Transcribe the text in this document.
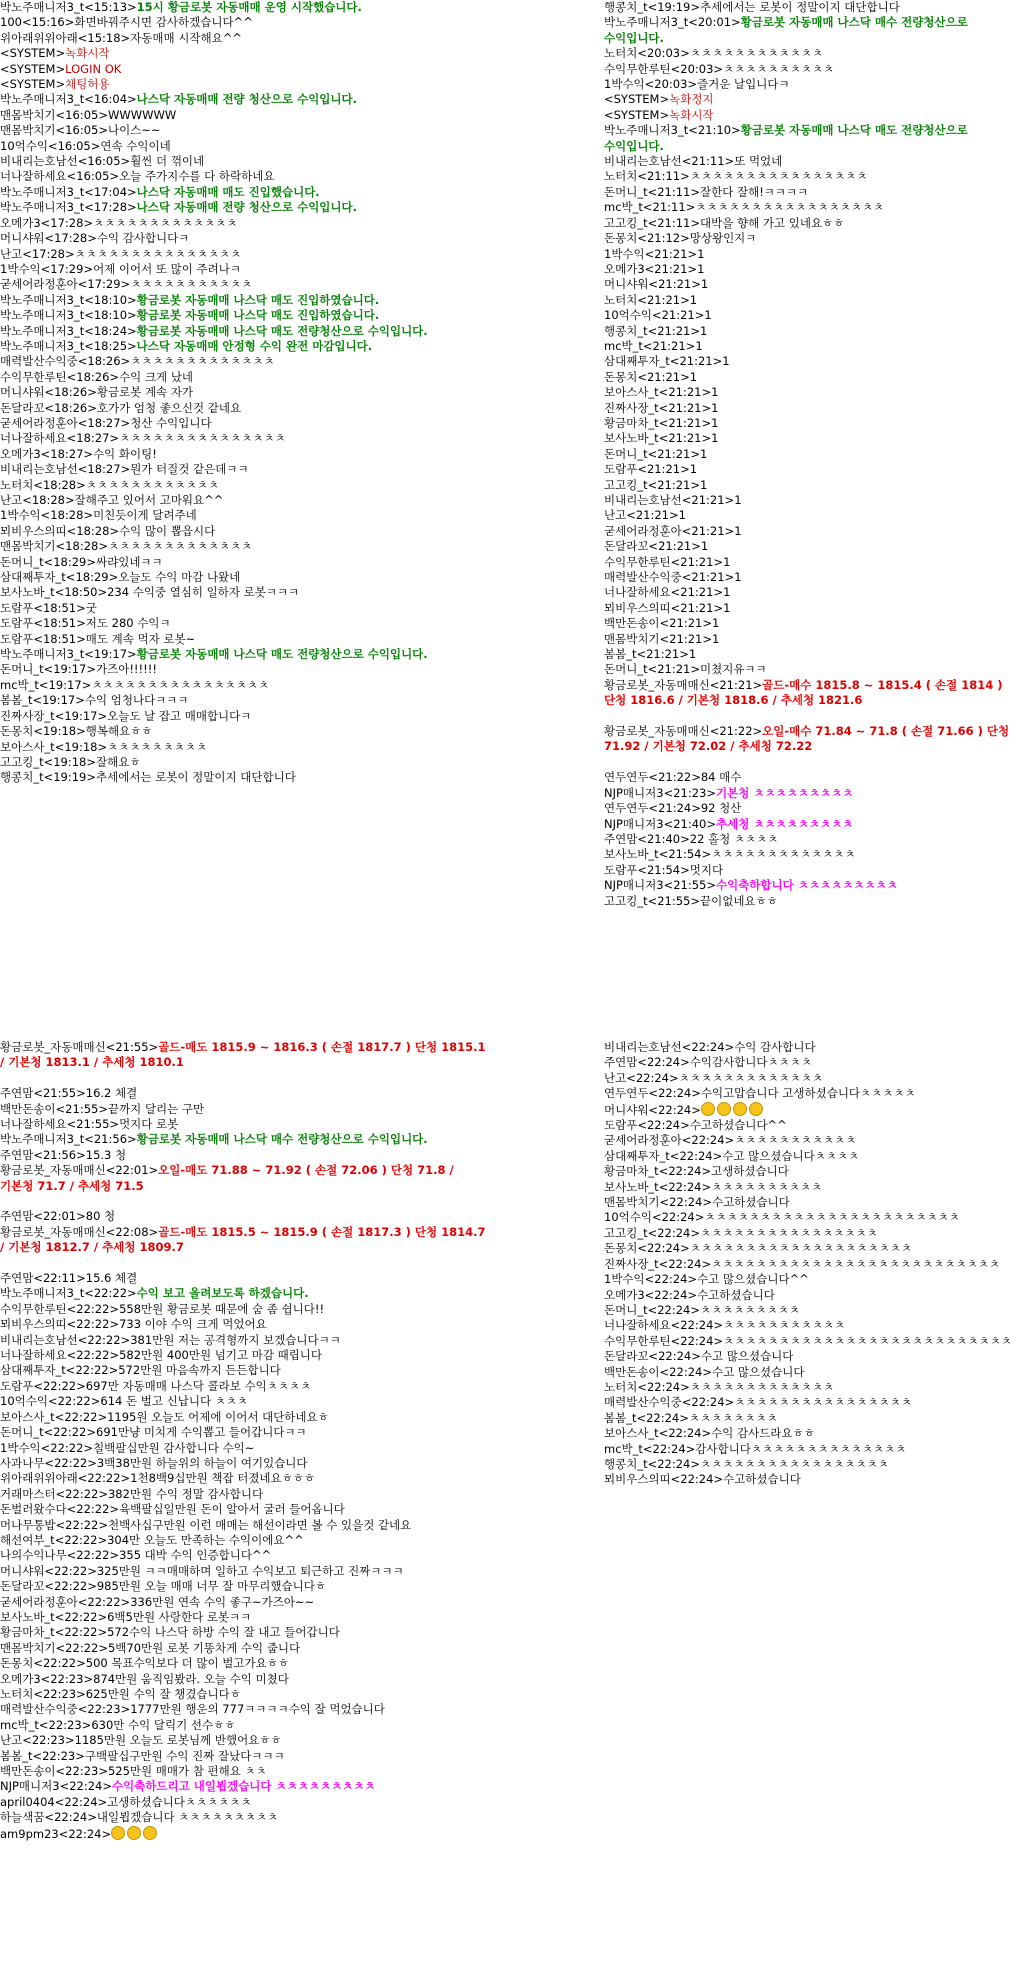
박노주매니저3_t<15:13>15시 황금로봇 자동매매 운영 시작했습니다.
100<15:16>화면바꿔주시면 감사하겠습니다^^
위아래위위아래<15:18>자동매매 시작해요^^
<SYSTEM>녹화시작
<SYSTEM>LOGIN OK
<SYSTEM>채팅허용
박노주매니저3_t<16:04>나스닥 자동매매 전량 청산으로 수익입니다.
맨몸박치기<16:05>WWWWWW
맨몸박치기<16:05>나이스~~
10억수익<16:05>연속 수익이네
비내리는호남선<16:05>훨씬 더 꺾이네
너나잘하세요<16:05>오늘 주가지수를 다 하락하네요
박노주매니저3_t<17:04>나스닥 자동매매 매도 진입했습니다.
박노주매니저3_t<17:28>나스닥 자동매매 전량 청산으로 수익입니다.
오메가3<17:28>ㅊㅊㅊㅊㅊㅊㅊㅊㅊㅊㅊㅊㅊ
머니샤워<17:28>수익 감사합니다ㅋ
난고<17:28>ㅊㅊㅊㅊㅊㅊㅊㅊㅊㅊㅊㅊㅊㅊㅊ
1박수익<17:29>어제 이어서 또 많이 주려나ㅋ
굳세어라정훈아<17:29>ㅊㅊㅊㅊㅊㅊㅊㅊㅊㅊㅊ
박노주매니저3_t<18:10>황금로봇 자동매매 나스닥 매도 진입하였습니다.
박노주매니저3_t<18:10>황금로봇 자동매매 나스닥 매도 진입하였습니다.
박노주매니저3_t<18:24>황금로봇 자동매매 나스닥 매도 전량청산으로 수익입니다.
박노주매니저3_t<18:25>나스닥 자동매매 안정형 수익 완전 마감입니다.
매력발산수익중<18:26>ㅊㅊㅊㅊㅊㅊㅊㅊㅊㅊㅊㅊㅊ
수익무한루틴<18:26>수익 크게 났네
머니샤워<18:26>황금로봇 계속 자가
돈달라꼬<18:26>호가가 엄청 좋으신것 같네요
굳세어라정훈아<18:27>청산 수익입니다
너나잘하세요<18:27>ㅊㅊㅊㅊㅊㅊㅊㅊㅊㅊㅊㅊㅊㅊㅊ
오메가3<18:27>수익 화이팅!
비내리는호남선<18:27>뭔가 터질것 같은데ㅋㅋ
노터치<18:28>ㅊㅊㅊㅊㅊㅊㅊㅊㅊㅊㅊㅊ
난고<18:28>잘해주고 있어서 고마워요^^
1박수익<18:28>미친듯이게 달려주네
뫼비우스의띠<18:28>수익 많이 뽑읍시다
맨몸박치기<18:28>ㅊㅊㅊㅊㅊㅊㅊㅊㅊㅊㅊㅊㅊ
돈머니_t<18:29>싸랴있네ㅋㅋ
삼대째투자_t<18:29>오늘도 수익 마감 나왔네
보사노바_t<18:50>234 수익중 열심히 일하자 로봇ㅋㅋㅋ
도람푸<18:51>굿
도람푸<18:51>저도 280 수익ㅋ
도람푸<18:51>매도 계속 먹자 로봇~
박노주매니저3_t<19:17>황금로봇 자동매매 나스닥 매도 전량청산으로 수익입니다.
돈머니_t<19:17>가즈아!!!!!!
mc박_t<19:17>ㅊㅊㅊㅊㅊㅊㅊㅊㅊㅊㅊㅊㅊㅊㅊㅊ
봄봄_t<19:17>수익 엄청나다ㅋㅋㅋ
진짜사장_t<19:17>오늘도 날 잡고 매매합니다ㅋ
돈몽치<19:18>행복해요ㅎㅎ
보아스사_t<19:18>ㅊㅊㅊㅊㅊㅊㅊㅊㅊ
고고킹_t<19:18>잘해요ㅎ
행콩치_t<19:19>추세에서는 로봇이 정말이지 대단합니다
행콩치_t<19:19>추세에서는 로봇이 정말이지 대단합니다
박노주매니저3_t<20:01>황금로봇 자동매매 나스닥 매수 전량청산으로 수익입니다.
노터치<20:03>ㅊㅊㅊㅊㅊㅊㅊㅊㅊㅊㅊㅊ
수익무한루틴<20:03>ㅊㅊㅊㅊㅊㅊㅊㅊㅊㅊ
1박수익<20:03>즐거운 날입니다ㅋ
<SYSTEM>녹화정지
<SYSTEM>녹화시작
박노주매니저3_t<21:10>황금로봇 자동매매 나스닥 매도 전량청산으로 수익입니다.
비내리는호남선<21:11>또 먹었네
노터치<21:11>ㅊㅊㅊㅊㅊㅊㅊㅊㅊㅊㅊㅊㅊㅊㅊㅊ
돈머니_t<21:11>잘한다 잘해!ㅋㅋㅋㅋ
mc박_t<21:11>ㅊㅊㅊㅊㅊㅊㅊㅊㅊㅊㅊㅊㅊㅊㅊㅊㅊ
고고킹_t<21:11>대박을 향해 가고 있네요ㅎㅎ
돈몽치<21:12>망상왕인지ㅋ
1박수익<21:21>1
오메가3<21:21>1
머니샤워<21:21>1
노터치<21:21>1
10억수익<21:21>1
행콩치_t<21:21>1
mc박_t<21:21>1
삼대째투자_t<21:21>1
돈몽치<21:21>1
보아스사_t<21:21>1
진짜사장_t<21:21>1
황금마차_t<21:21>1
보사노바_t<21:21>1
돈머니_t<21:21>1
도람푸<21:21>1
고고킹_t<21:21>1
비내리는호남선<21:21>1
난고<21:21>1
굳세어라정훈아<21:21>1
돈달라꼬<21:21>1
수익무한루틴<21:21>1
매력발산수익중<21:21>1
너나잘하세요<21:21>1
뫼비우스의띠<21:21>1
백만돈송이<21:21>1
맨몸박치기<21:21>1
봄봄_t<21:21>1
돈머니_t<21:21>미쳤지유ㅋㅋ
황금로봇_자동매매신<21:21>골드-매수 1815.8 ~ 1815.4 ( 손절 1814 ) 단청 1816.6 / 기본청 1818.6 / 추세청 1821.6
황금로봇_자동매매신<21:22>오일-매수 71.84 ~ 71.8 ( 손절 71.66 ) 단청 71.92 / 기본청 72.02 / 추세청 72.22
연두연두<21:22>84 매수
NJP매니저3<21:23>기본청 ㅊㅊㅊㅊㅊㅊㅊㅊㅊ
연두연두<21:24>92 청산
NJP매니저3<21:40>추세청 ㅊㅊㅊㅊㅊㅊㅊㅊㅊ
주연맘<21:40>22 홀청 ㅊㅊㅊㅊ
보사노바_t<21:54>ㅊㅊㅊㅊㅊㅊㅊㅊㅊㅊㅊㅊㅊ
도람푸<21:54>멋지다
NJP매니저3<21:55>수익축하합니다 ㅊㅊㅊㅊㅊㅊㅊㅊㅊ
고고킹_t<21:55>끝이없네요ㅎㅎ
황금로봇_자동매매신<21:55>골드-매도 1815.9 ~ 1816.3 ( 손절 1817.7 ) 단청 1815.1 / 기본청 1813.1 / 추세청 1810.1
주연맘<21:55>16.2 체결
백만돈송이<21:55>끝까지 달리는 구만
너나잘하세요<21:55>멋지다 로봇
박노주매니저3_t<21:56>황금로봇 자동매매 나스닥 매수 전량청산으로 수익입니다.
주연맘<21:56>15.3 청
황금로봇_자동매매신<22:01>오일-매도 71.88 ~ 71.92 ( 손절 72.06 ) 단청 71.8 / 기본청 71.7 / 추세청 71.5
주연맘<22:01>80 청
황금로봇_자동매매신<22:08>골드-매도 1815.5 ~ 1815.9 ( 손절 1817.3 ) 단청 1814.7 / 기본청 1812.7 / 추세청 1809.7
주연맘<22:11>15.6 체결
박노주매니저3_t<22:22>수익 보고 올려보도록 하겠습니다.
수익무한루틴<22:22>558만원 황금로봇 때문에 숨 좀 쉽니다!!
뫼비우스의띠<22:22>733 이야 수익 크게 먹었어요
비내리는호남선<22:22>381만원 저는 공격형까지 보겠습니다ㅋㅋ
너나잘하세요<22:22>582만원 400만원 넘기고 마감 때립니다
삼대째투자_t<22:22>572만원 마음속까지 든든합니다
도람푸<22:22>697만 자동매매 나스닥 콜라보 수익ㅊㅊㅊㅊ
10억수익<22:22>614 돈 벌고 신납니다 ㅊㅊㅊ
보아스사_t<22:22>1195원 오늘도 어제에 이어서 대단하네요ㅎ
돈머니_t<22:22>691만냥 미치게 수익뽑고 들어갑니다ㅋㅋ
1박수익<22:22>칠백팔십만원 감사합니다 수익~
사과나무<22:22>3백38만원 하늘위의 하늘이 여기있습니다
위아래위위아래<22:22>1천8백9십만원 책잡 터졌네요ㅎㅎㅎ
거래마스터<22:22>382만원 수익 정말 감사합니다
돈벌러왔수다<22:22>육백팔십일만원 돈이 알아서 굴러 들어옵니다
머나무통밥<22:22>천백사십구만원 이런 매매는 해선이라면 볼 수 있을것 같네요
해선여부_t<22:22>304만 오늘도 만족하는 수익이에요^^
나의수익나무<22:22>355 대박 수익 인증합니다^^
머니샤워<22:22>325만원 ㅋㅋ매매하며 일하고 수익보고 퇴근하고 진짜ㅋㅋㅋ
돈달라꼬<22:22>985만원 오늘 매매 너무 잘 마무리했습니다ㅎ
굳세어라정훈아<22:22>336만원 연속 수익 좋구~가즈아~~
보사노바_t<22:22>6백5만원 사랑한다 로봇ㅋㅋ
황금마차_t<22:22>572수익 나스닥 하방 수익 잘 내고 들어갑니다
맨몸박치기<22:22>5백70만원 로봇 기똥차게 수익 줍니다
돈몽치<22:22>500 목표수익보다 더 많이 벌고가요ㅎㅎ
오메가3<22:23>874만원 움직임봤라. 오늘 수익 미쳤다
노터치<22:23>625만원 수익 잘 챙겼습니다ㅎ
매력발산수익중<22:23>1777만원 행운의 777ㅋㅋㅋㅋ수익 잘 먹었습니다
mc박_t<22:23>630만 수익 달릭기 선수ㅎㅎ
난고<22:23>1185만원 오늘도 로봇님께 반했어요ㅎㅎ
봄봄_t<22:23>구백팔십구만원 수익 진짜 잘났다ㅋㅋㅋ
백만돈송이<22:23>525만원 매매가 참 편해요 ㅊㅊ
NJP매니저3<22:24>수익축하드리고 내일뵙겠습니다 ㅊㅊㅊㅊㅊㅊㅊㅊㅊ
april0404<22:24>고생하셨습니다ㅊㅊㅊㅊㅊㅊ
하늘색꿈<22:24>내일뵙겠습니다 ㅊㅊㅊㅊㅊㅊㅊㅊㅊ
am9pm23<22:24>
비내리는호남선<22:24>수익 감사합니다
주연맘<22:24>수익감사합니다ㅊㅊㅊㅊ
난고<22:24>ㅊㅊㅊㅊㅊㅊㅊㅊㅊㅊㅊㅊㅊ
연두연두<22:24>수익고맙습니다 고생하셨습니다ㅊㅊㅊㅊㅊ
머니샤워<22:24>
도람푸<22:24>수고하셨습니다^^
굳세어라정훈아<22:24>ㅊㅊㅊㅊㅊㅊㅊㅊㅊㅊㅊ
삼대째투자_t<22:24>수고 많으셨습니다ㅊㅊㅊㅊ
황금마차_t<22:24>고생하셨습니다
보사노바_t<22:24>ㅊㅊㅊㅊㅊㅊㅊㅊㅊㅊ
맨몸박치기<22:24>수고하셨습니다
10억수익<22:24>ㅊㅊㅊㅊㅊㅊㅊㅊㅊㅊㅊㅊㅊㅊㅊㅊㅊㅊㅊㅊㅊㅊㅊ
고고킹_t<22:24>ㅊㅊㅊㅊㅊㅊㅊㅊㅊㅊㅊㅊㅊㅊㅊㅊ
돈몽치<22:24>ㅊㅊㅊㅊㅊㅊㅊㅊㅊㅊㅊㅊㅊㅊㅊㅊㅊㅊㅊㅊ
진짜사장_t<22:24>ㅊㅊㅊㅊㅊㅊㅊㅊㅊㅊㅊㅊㅊㅊㅊㅊㅊㅊㅊㅊㅊㅊㅊㅊㅊㅊ
1박수익<22:24>수고 많으셨습니다^^
오메가3<22:24>수고하셨습니다
돈머니_t<22:24>ㅊㅊㅊㅊㅊㅊㅊㅊㅊ
너나잘하세요<22:24>ㅊㅊㅊㅊㅊㅊㅊㅊㅊㅊㅊ
수익무한루틴<22:24>ㅊㅊㅊㅊㅊㅊㅊㅊㅊㅊㅊㅊㅊㅊㅊㅊㅊㅊㅊㅊㅊㅊㅊㅊㅊㅊ
돈달라꼬<22:24>수고 많으셨습니다
백만돈송이<22:24>수고 많으셨습니다
노터치<22:24>ㅊㅊㅊㅊㅊㅊㅊㅊㅊㅊㅊㅊㅊ
매력발산수익중<22:24>ㅊㅊㅊㅊㅊㅊㅊㅊㅊㅊㅊㅊㅊㅊㅊㅊ
봄봄_t<22:24>ㅊㅊㅊㅊㅊㅊㅊㅊ
보아스사_t<22:24>수익 감사드라요ㅎㅎ
mc박_t<22:24>감사합니다ㅊㅊㅊㅊㅊㅊㅊㅊㅊㅊㅊㅊㅊㅊ
행콩치_t<22:24>ㅊㅊㅊㅊㅊㅊㅊㅊㅊㅊㅊㅊㅊㅊㅊㅊㅊ
뫼비우스의띠<22:24>수고하셨습니다
